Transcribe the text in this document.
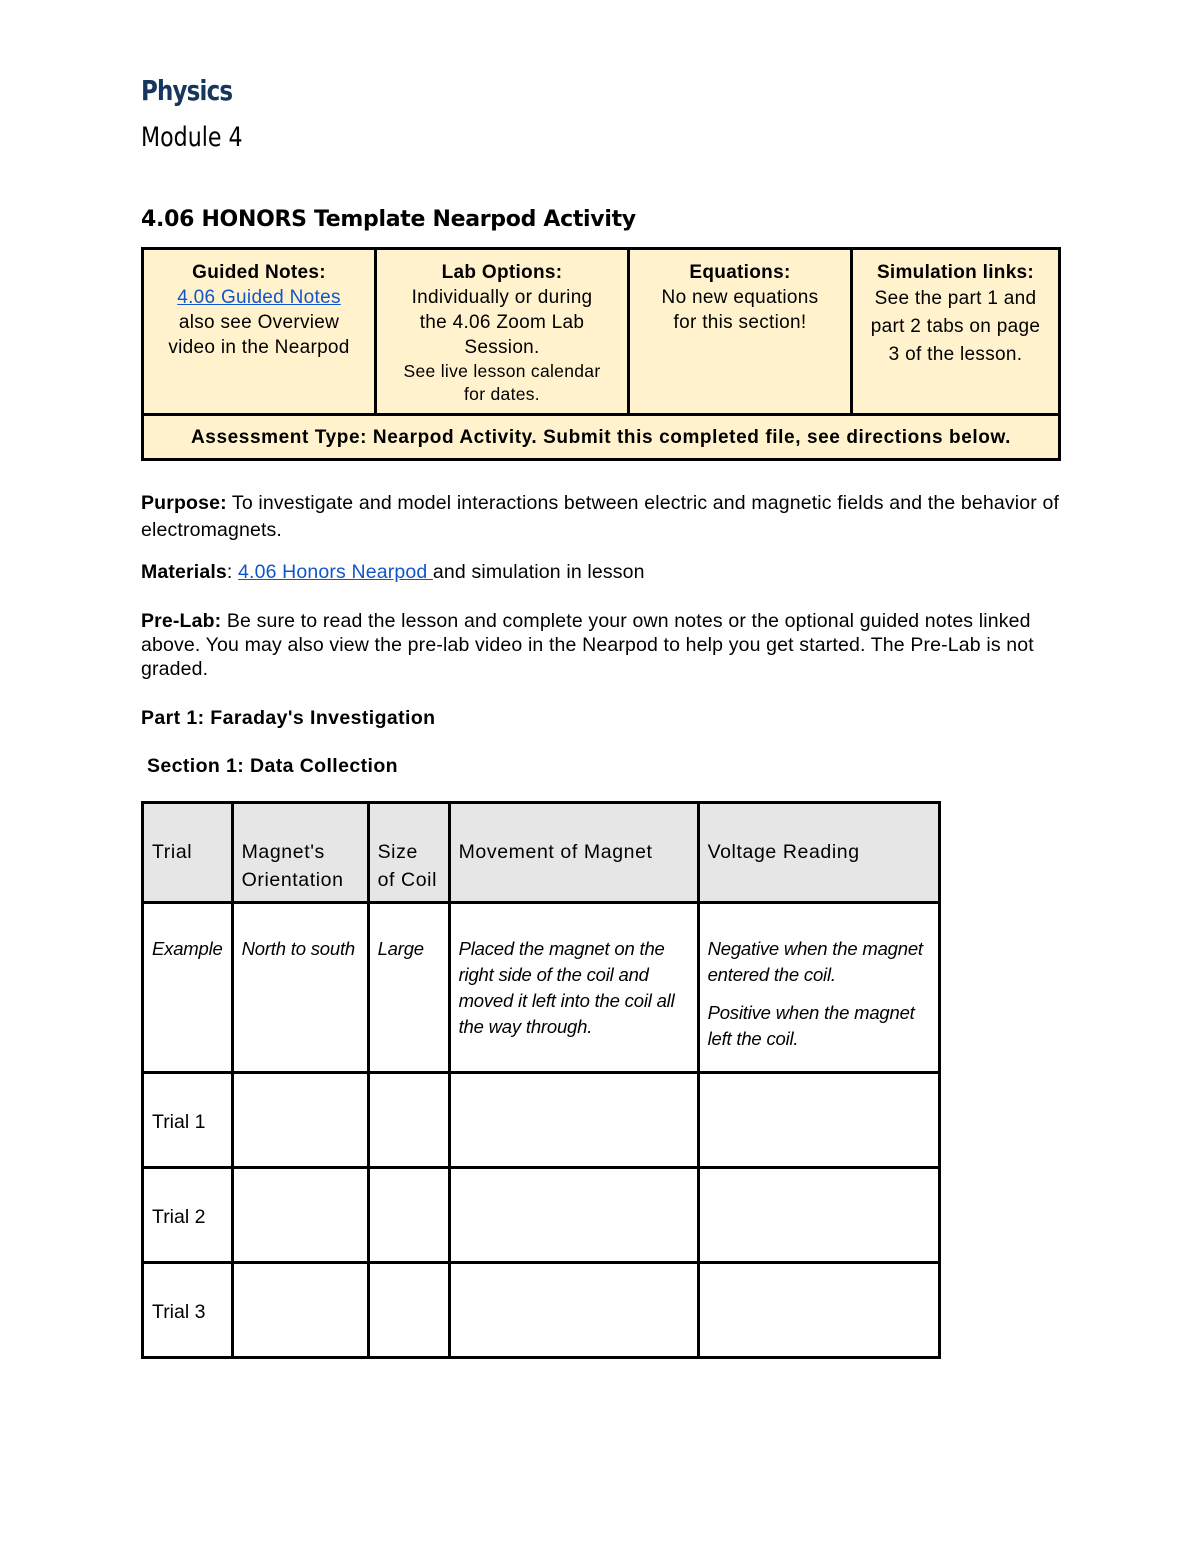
Physics
Module 4
4.06 HONORS Template Nearpod Activity
Guided Notes:
4.06 Guided Notes
also see Overview
video in the Nearpod	
Lab Options:
Individually or during
the 4.06 Zoom Lab
Session.
See live lesson calendar
for dates.

Equations:
No new equations
for this section!	
Simulation links:
See the part 1 and
part 2 tabs on page
3 of the lesson.

Assessment Type: Nearpod Activity. Submit this completed file, see directions below.
Purpose: To investigate and model interactions between electric and magnetic fields and the behavior of electromagnets.
Materials: 4.06 Honors Nearpod and simulation in lesson
Pre-Lab: Be sure to read the lesson and complete your own notes or the optional guided notes linked above. You may also view the pre-lab video in the Nearpod to help you get started. The Pre-Lab is not graded.
Part 1: Faraday's Investigation
Section 1: Data Collection
Trial	Magnet's Orientation	Size of Coil	Movement of Magnet	Voltage Reading
Example	North to south	Large	Placed the magnet on the right side of the coil and moved it left into the coil all the way through.	Negative when the magnet entered the coil.
Positive when the magnet left the coil.
Trial 1				
Trial 2				
Trial 3				
